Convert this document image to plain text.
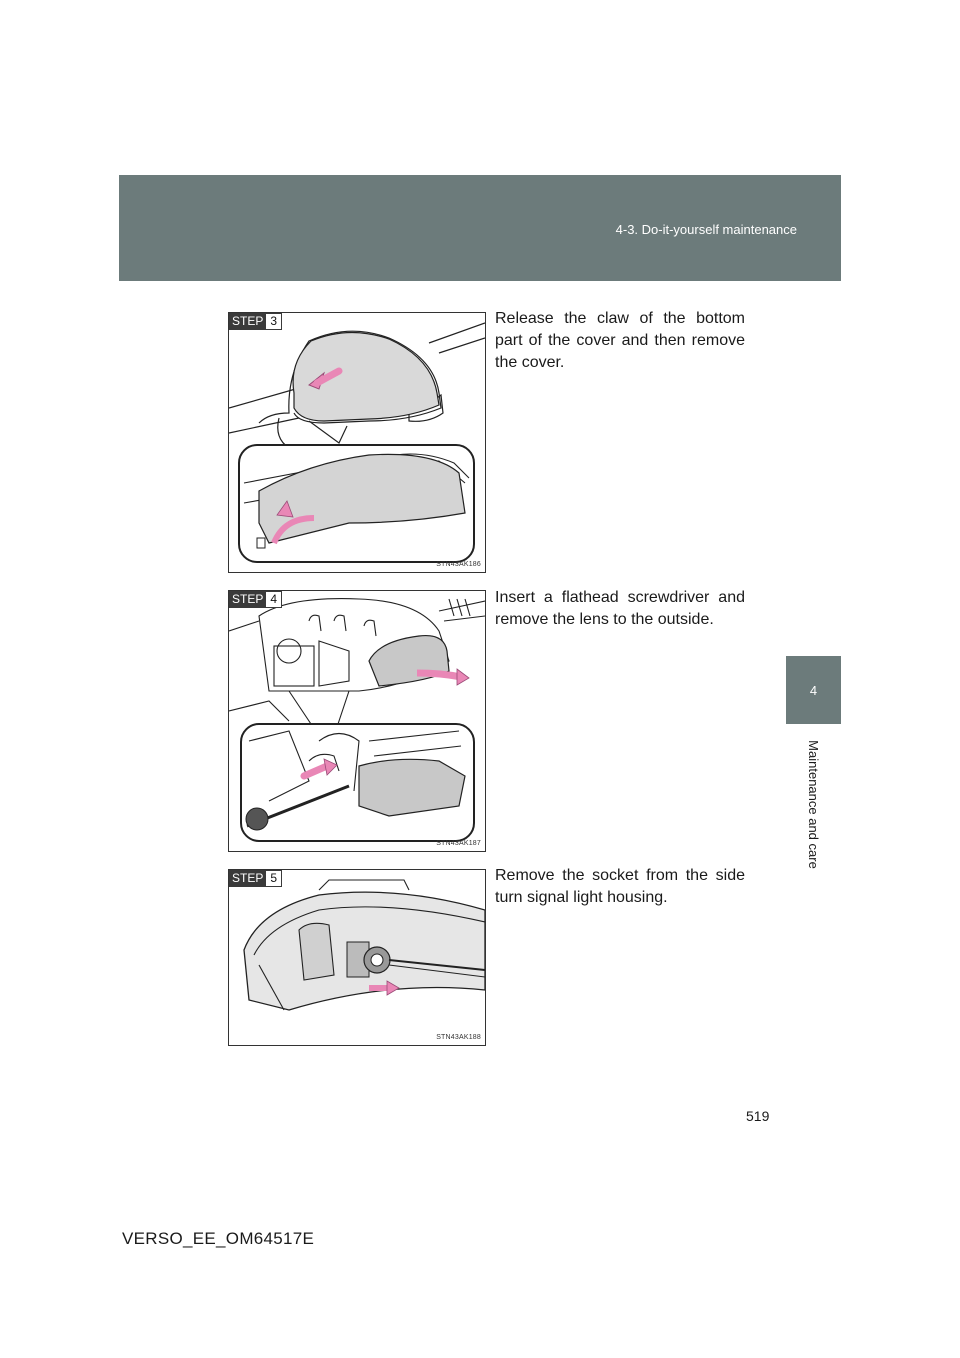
4-3. Do-it-yourself maintenance
4
Maintenance and care
STEP 3
STN43AK186
Release the claw of the bottom part of the cover and then remove the cover.
STEP 4
STN43AK187
Insert a flathead screwdriver and remove the lens to the outside.
STEP 5
STN43AK188
Remove the socket from the side turn signal light housing.
519
VERSO_EE_OM64517E
